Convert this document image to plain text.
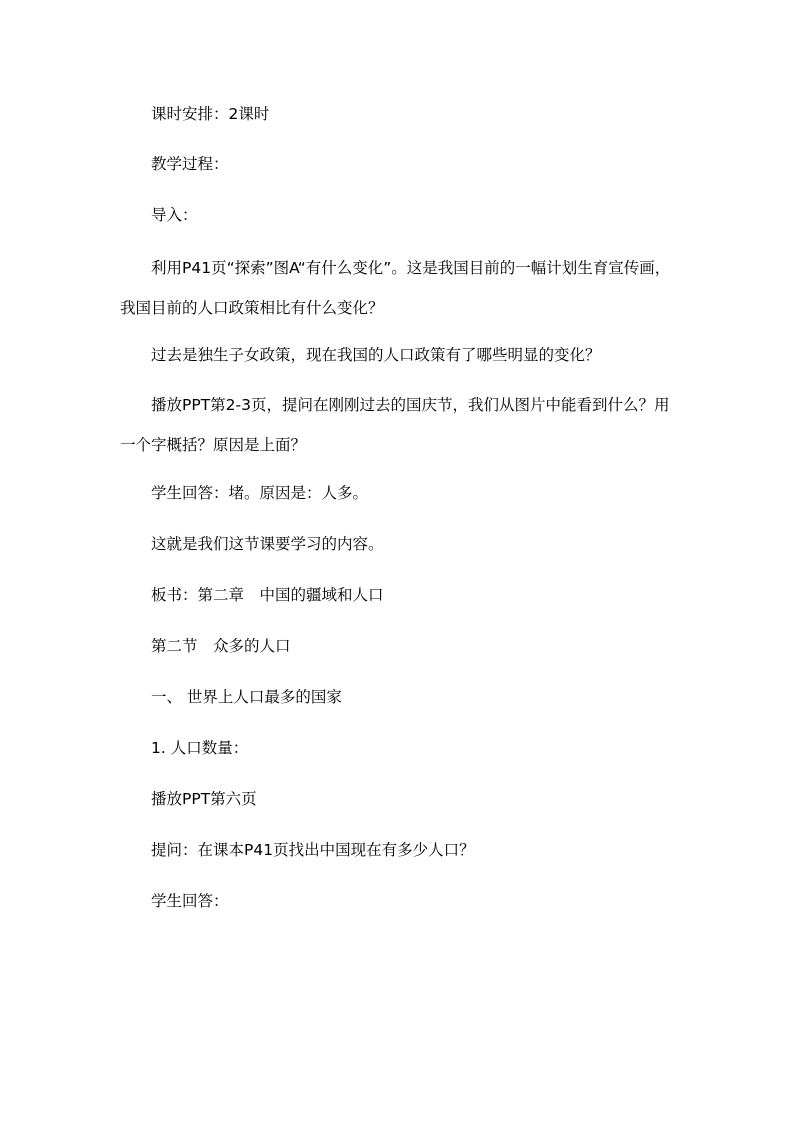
课时安排：2课时

教学过程：

导入：

利用P41页“探索”图A“有什么变化”。这是我国目前的一幅计划生育宣传画，我国目前的人口政策相比有什么变化？

过去是独生子女政策，现在我国的人口政策有了哪些明显的变化？

播放PPT第2-3页，提问在刚刚过去的国庆节，我们从图片中能看到什么？用一个字概括？原因是上面？

学生回答：堵。原因是：人多。

这就是我们这节课要学习的内容。

板书：第二章　中国的疆域和人口

第二节　众多的人口

一、 世界上人口最多的国家

1. 人口数量：

播放PPT第六页

提问：在课本P41页找出中国现在有多少人口？

学生回答：
